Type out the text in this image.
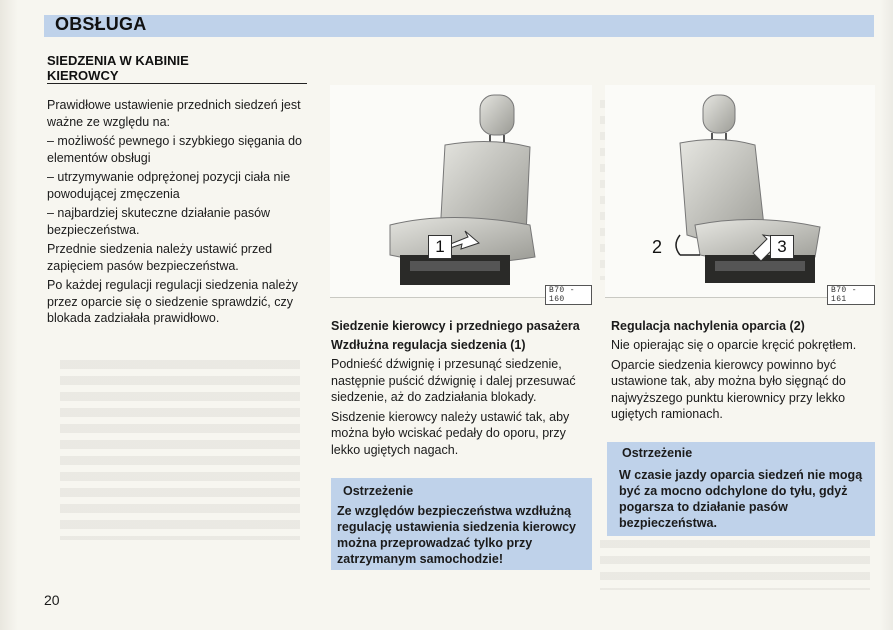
OBSŁUGA
SIEDZENIA W KABINIE
KIEROWCY

Prawidłowe ustawienie przednich siedzeń jest ważne ze względu na:

– możliwość pewnego i szybkiego sięgania do elementów obsługi

– utrzymywanie odprężonej pozycji ciała nie powodującej zmęczenia

– najbardziej skuteczne działanie pasów bezpieczeństwa.

Przednie siedzenia należy ustawić przed zapięciem pasów bezpieczeństwa.

Po każdej regulacji regulacji siedzenia należy przez oparcie się o siedzenie sprawdzić, czy blokada zadziałała prawidłowo.

1
B70 - 160

Siedzenie kierowcy i przedniego pasażera

Wzdłużna regulacja siedzenia (1)

Podnieść dźwignię i przesunąć siedzenie, następnie puścić dźwignię i dalej przesuwać siedzenie, aż do zadziałania blokady.

Sisdzenie kierowcy należy ustawić tak, aby można było wciskać pedały do oporu, przy lekko ugiętych nagach.

Ostrzeżenie
Ze względów bezpieczeństwa wzdłużną regulację ustawienia siedzenia kierowcy można przeprowadzać tylko przy zatrzymanym samochodzie!
2	3
B70 - 161

Regulacja nachylenia oparcia (2)

Nie opierając się o oparcie kręcić pokrętłem.

Oparcie siedzenia kierowcy powinno być ustawione tak, aby można było sięgnąć do najwyższego punktu kierownicy przy lekko ugiętych ramionach.

Ostrzeżenie
W czasie jazdy oparcia siedzeń nie mogą być za mocno odchylone do tyłu, gdyż pogarsza to działanie pasów bezpieczeństwa.
20
